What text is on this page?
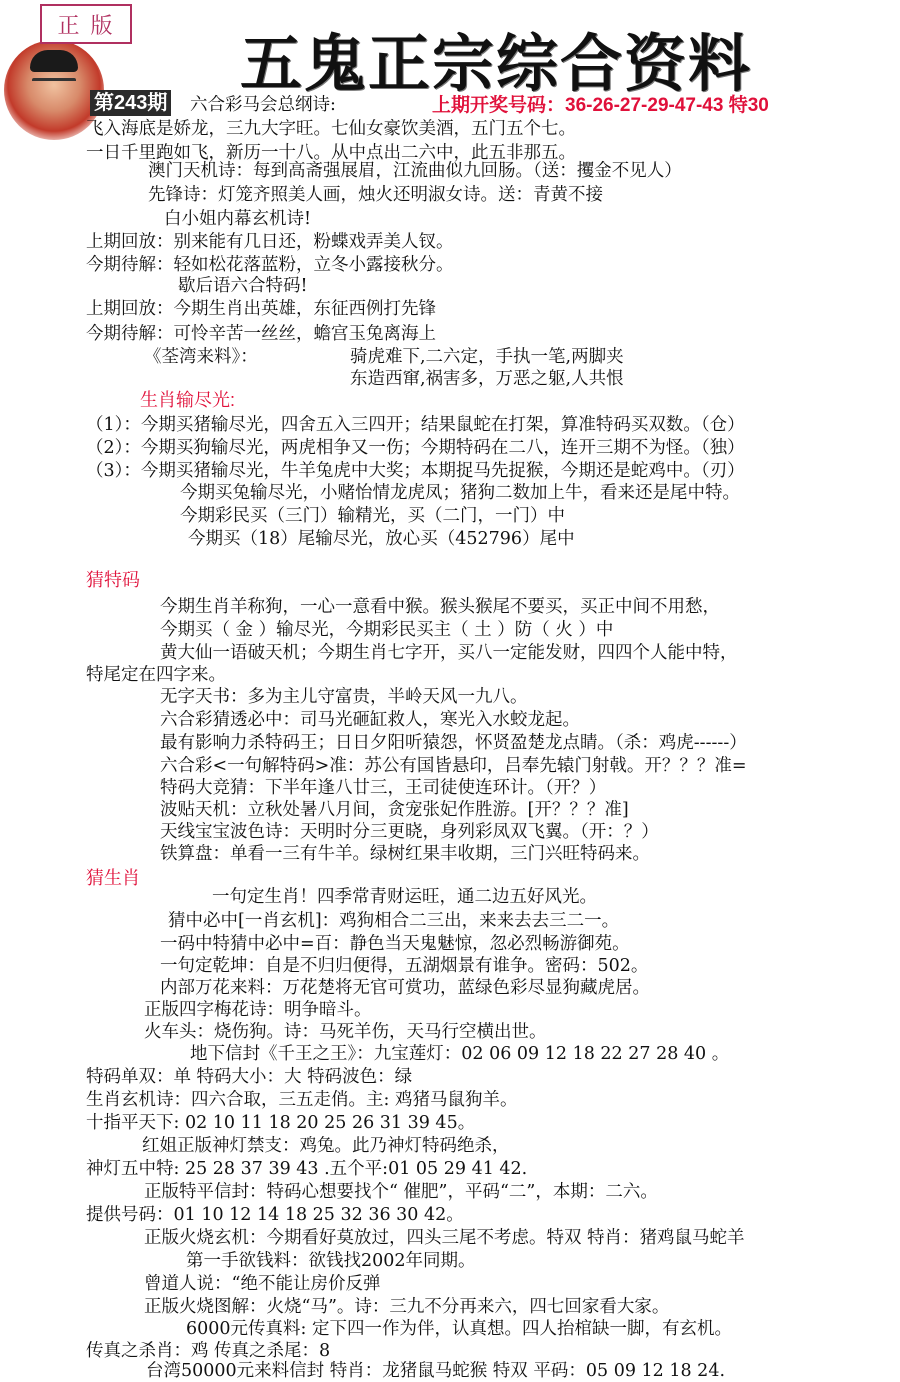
正 版
五鬼正宗综合资料
第243期 六合彩马会总纲诗:	上期开奖号码：36-26-27-29-47-43 特30
飞入海底是娇龙，三九大字旺。七仙女豪饮美酒，五门五个七。
一日千里跑如飞，新历一十八。从中点出二六中，此五非那五。
澳门天机诗：每到高斋强展眉，江流曲似九回肠。（送：攫金不见人）
先锋诗：灯笼齐照美人画，烛火还明淑女诗。送：青黄不接
白小姐内幕玄机诗!
上期回放：别来能有几日还，粉蝶戏弄美人钗。
今期待解：轻如松花落蓝粉，立冬小露接秋分。
歇后语六合特码!
上期回放：今期生肖出英雄，东征西例打先锋
今期待解：可怜辛苦一丝丝，蟾宫玉兔离海上
《荃湾来料》：	骑虎难下,二六定，手执一笔,两脚夹
东造西窜,祸害多，万恶之躯,人共恨
生肖输尽光:
（1）：今期买猪输尽光，四舍五入三四开；结果鼠蛇在打架，算准特码买双数。（仓）
（2）：今期买狗输尽光，两虎相争又一伤；今期特码在二八，连开三期不为怪。（独）
（3）：今期买猪输尽光，牛羊兔虎中大奖；本期捉马先捉猴，今期还是蛇鸡中。（刃）
今期买兔输尽光，小赌怡情龙虎凤；猪狗二数加上牛，看来还是尾中特。
今期彩民买（三门）输精光，买（二门，一门）中
今期买（18）尾输尽光，放心买（452796）尾中
猜特码
今期生肖羊称狗，一心一意看中猴。猴头猴尾不要买，买正中间不用愁，
今期买（ 金 ）输尽光，今期彩民买主（ 土 ）防（ 火 ）中
黄大仙一语破天机；今期生肖七字开，买八一定能发财，四四个人能中特，
特尾定在四字来。
无字天书：多为主儿守富贵，半岭天风一九八。
六合彩猜透必中：司马光砸缸救人，寒光入水蛟龙起。
最有影响力杀特码王；日日夕阳听猿怨，怀贤盈楚龙点睛。（杀：鸡虎------）
六合彩<一句解特码>准：苏公有国皆悬印，吕奉先辕门射戟。开？？？准=
特码大竞猜：下半年逢八廿三，王司徒使连环计。（开？）
波贴天机：立秋处暑八月间，贪宠张妃作胜游。[开？？？准]
天线宝宝波色诗：天明时分三更晓，身列彩凤双飞翼。（开：？）
铁算盘：单看一三有牛羊。绿树红果丰收期，三门兴旺特码来。
猜生肖
一句定生肖！四季常青财运旺，通二边五好风光。
猜中必中[一肖玄机]：鸡狗相合二三出，来来去去三二一。
一码中特猜中必中=百：静色当天鬼魅惊，忽必烈畅游御苑。
一句定乾坤：自是不归归便得，五湖烟景有谁争。密码：502。
内部万花来料：万花楚将无官可赏功，蓝绿色彩尽显狗藏虎居。
正版四字梅花诗：明争暗斗。
火车头：烧伤狗。诗：马死羊伤，天马行空横出世。
地下信封《千王之王》：九宝莲灯：02 06 09 12 18 22 27 28 40 。
特码单双：单 特码大小：大 特码波色：绿
生肖玄机诗：四六合取，三五走俏。主: 鸡猪马鼠狗羊。
十指平天下: 02 10 11 18 20 25 26 31 39 45。
红姐正版神灯禁支：鸡兔。此乃神灯特码绝杀，
神灯五中特: 25 28 37 39 43 .五个平:01 05 29 41 42.
正版特平信封：特码心想要找个“ 催肥”，平码“二”，本期：二六。
提供号码：01 10 12 14 18 25 32 36 30 42。
正版火烧玄机：今期看好莫放过，四头三尾不考虑。特双 特肖：猪鸡鼠马蛇羊
第一手欲钱料：欲钱找2002年同期。
曾道人说：“绝不能让房价反弹
正版火烧图解：火烧“马”。诗：三九不分再来六，四七回家看大家。
6000元传真料: 定下四一作为伴，认真想。四人抬棺缺一脚，有玄机。
传真之杀肖：鸡 传真之杀尾：8
台湾50000元来料信封 特肖：龙猪鼠马蛇猴 特双 平码：05 09 12 18 24.
